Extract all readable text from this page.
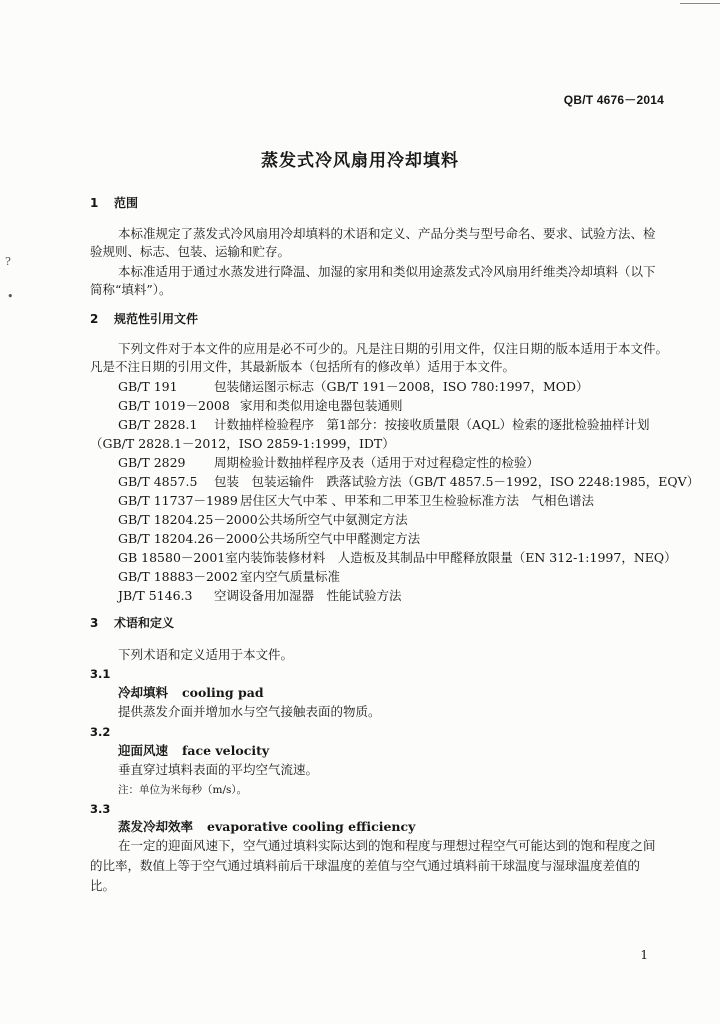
?
•
QB/T 4676－2014
蒸发式冷风扇用冷却填料
1 范围
本标准规定了蒸发式冷风扇用冷却填料的术语和定义、产品分类与型号命名、要求、试验方法、检
验规则、标志、包装、运输和贮存。
本标准适用于通过水蒸发进行降温、加湿的家用和类似用途蒸发式冷风扇用纤维类冷却填料（以下
简称“填料”）。
2 规范性引用文件
下列文件对于本文件的应用是必不可少的。凡是注日期的引用文件，仅注日期的版本适用于本文件。
凡是不注日期的引用文件，其最新版本（包括所有的修改单）适用于本文件。
GB/T 191	包装储运图示标志（GB/T 191－2008，ISO 780:1997，MOD）
GB/T 1019－2008 家用和类似用途电器包装通则
GB/T 2828.1 计数抽样检验程序　第1部分：按接收质量限（AQL）检索的逐批检验抽样计划
（GB/T 2828.1－2012，ISO 2859-1:1999，IDT）
GB/T 2829 周期检验计数抽样程序及表（适用于对过程稳定性的检验）
GB/T 4857.5 包装　包装运输件　跌落试验方法（GB/T 4857.5－1992，ISO 2248:1985，EQV）
GB/T 11737－1989 居住区大气中苯 、甲苯和二甲苯卫生检验标准方法　气相色谱法
GB/T 18204.25－2000公共场所空气中氨测定方法
GB/T 18204.26－2000公共场所空气中甲醛测定方法
GB 18580－2001室内装饰装修材料　人造板及其制品中甲醛释放限量（EN 312-1:1997，NEQ）
GB/T 18883－2002 室内空气质量标准
JB/T 5146.3 空调设备用加湿器　性能试验方法
3 术语和定义
下列术语和定义适用于本文件。
3.1
冷却填料 cooling pad
提供蒸发介面并增加水与空气接触表面的物质。
3.2
迎面风速 face velocity
垂直穿过填料表面的平均空气流速。
注：单位为米每秒（m/s）。
3.3
蒸发冷却效率 evaporative cooling efficiency
在一定的迎面风速下，空气通过填料实际达到的饱和程度与理想过程空气可能达到的饱和程度之间
的比率，数值上等于空气通过填料前后干球温度的差值与空气通过填料前干球温度与湿球温度差值的
比。
1
